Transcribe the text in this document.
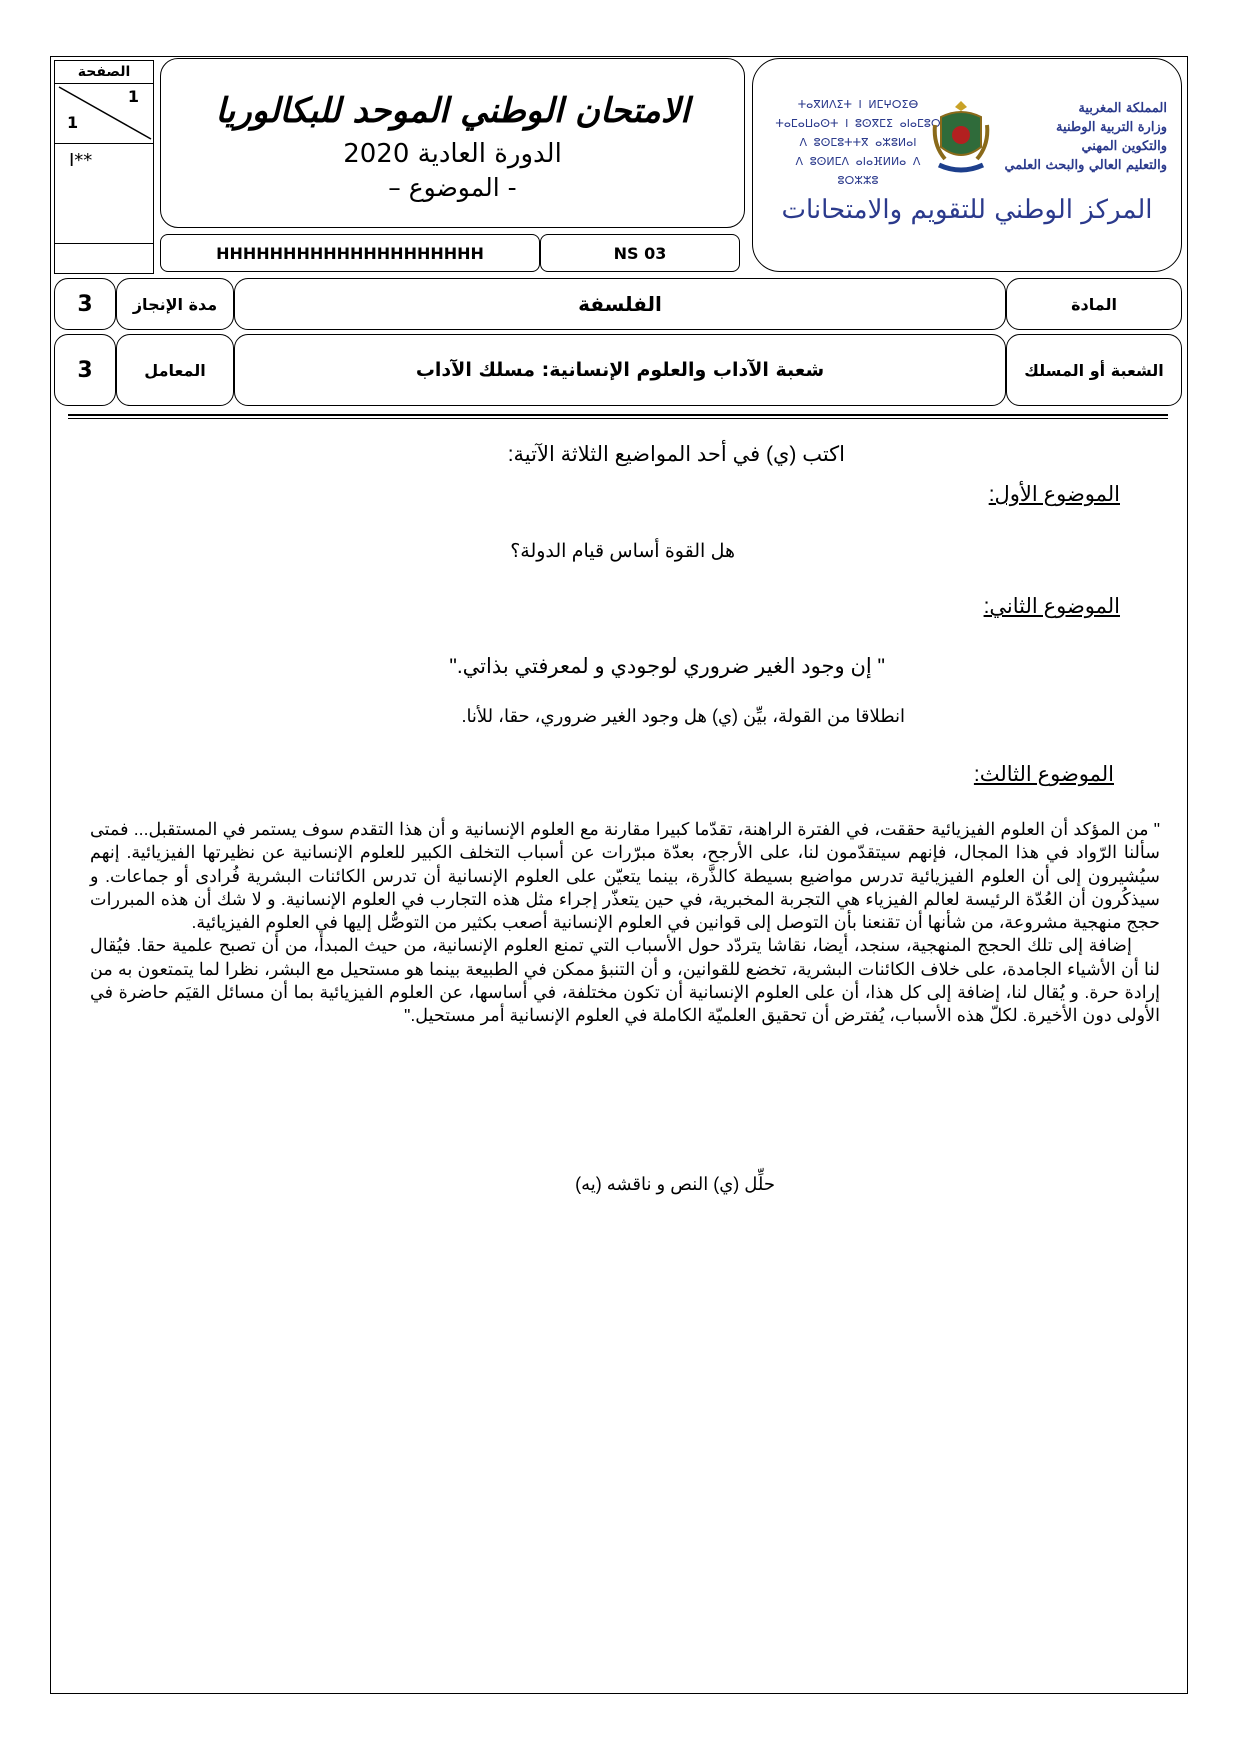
الصفحة
1
1
I**
الامتحان الوطني الموحد للبكالوريا
الدورة العادية 2020
- الموضوع –
HHHHHHHHHHHHHHHHHHHH	NS 03
ⵜⴰⴳⵍⴷⵉⵜ ⵏ ⵍⵎⵖⵔⵉⴱ
ⵜⴰⵎⴰⵡⴰⵙⵜ ⵏ ⵓⵙⴳⵎⵉ ⴰⵏⴰⵎⵓⵔ
ⴷ ⵓⵙⵎⵓⵜⵜⴳ ⴰⵣⵓⵍⴰⵏ
ⴷ ⵓⵙⵍⵎⴷ ⴰⵏⴰⴼⵍⵍⴰ ⴷ ⵓⵔⵣⵣⵓ
المملكة المغربية
وزارة التربية الوطنية
والتكوين المهني
والتعليم العالي والبحث العلمي
المركز الوطني للتقويم والامتحانات
3	مدة الإنجاز	الفلسفة	المادة
3	المعامل	شعبة الآداب والعلوم الإنسانية: مسلك الآداب	الشعبة أو المسلك
اكتب (ي) في أحد المواضيع الثلاثة الآتية:
الموضوع الأول:
هل القوة أساس قيام الدولة؟
الموضوع الثاني:
" إن وجود الغير ضروري لوجودي و لمعرفتي بذاتي."
انطلاقا من القولة، بيِّن (ي) هل وجود الغير ضروري، حقا، للأنا.
الموضوع الثالث:

" من المؤكد أن العلوم الفيزيائية حققت، في الفترة الراهنة، تقدّما كبيرا مقارنة مع العلوم الإنسانية و أن هذا التقدم سوف يستمر في المستقبل... فمتى سألنا الرّواد في هذا المجال، فإنهم سيتقدّمون لنا، على الأرجح، بعدّة مبرّرات عن أسباب التخلف الكبير للعلوم الإنسانية عن نظيرتها الفيزيائية. إنهم سيُشيرون إلى أن العلوم الفيزيائية تدرس مواضيع بسيطة كالذَّرة، بينما يتعيّن على العلوم الإنسانية أن تدرس الكائنات البشرية فُرادى أو جماعات. و سيذكُرون أن العُدّة الرئيسة لعالم الفيزياء هي التجربة المخبرية، في حين يتعذّر إجراء مثل هذه التجارب في العلوم الإنسانية. و لا شك أن هذه المبررات حجج منهجية مشروعة، من شأنها أن تقنعنا بأن التوصل إلى قوانين في العلوم الإنسانية أصعب بكثير من التوصُّل إليها في العلوم الفيزيائية.

إضافة إلى تلك الحجج المنهجية، سنجد، أيضا، نقاشا يتردّد حول الأسباب التي تمنع العلوم الإنسانية، من حيث المبدأ، من أن تصبح علمية حقا. فيُقال لنا أن الأشياء الجامدة، على خلاف الكائنات البشرية، تخضع للقوانين، و أن التنبؤ ممكن في الطبيعة بينما هو مستحيل مع البشر، نظرا لما يتمتعون به من إرادة حرة. و يُقال لنا، إضافة إلى كل هذا، أن على العلوم الإنسانية أن تكون مختلفة، في أساسها، عن العلوم الفيزيائية بما أن مسائل القيَم حاضرة في الأولى دون الأخيرة. لكلّ هذه الأسباب، يُفترض أن تحقيق العلميّة الكاملة في العلوم الإنسانية أمر مستحيل."

حلِّل (ي) النص و ناقشه (يه)
